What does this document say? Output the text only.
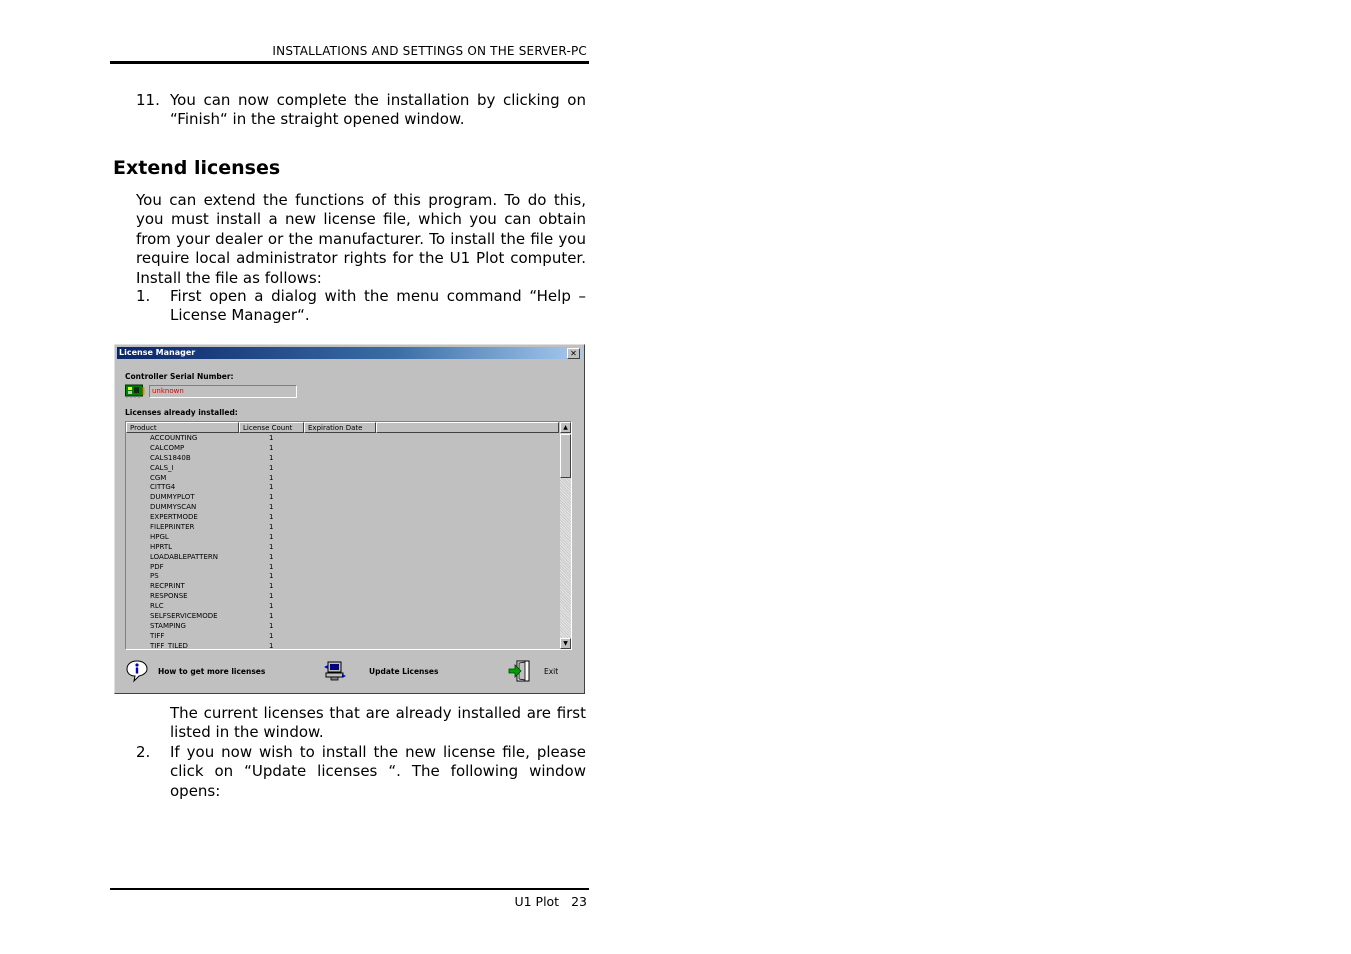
INSTALLATIONS AND SETTINGS ON THE SERVER-PC
11. You can now complete the installation by clicking on “Finish“ in the straight opened window.
Extend licenses
You can extend the functions of this program. To do this, you must install a new license file, which you can obtain from your dealer or the manufacturer. To install the file you require local administrator rights for the U1 Plot computer. Install the file as follows:
1. First open a dialog with the menu command “Help – License Manager“.
License Manager	✕
Controller Serial Number:
unknown
Licenses already installed:
Product	License Count	Expiration Date
ACCOUNTING	1
CALCOMP	1
CALS1840B	1
CALS_I	1
CGM	1
CITTG4	1
DUMMYPLOT	1
DUMMYSCAN	1
EXPERTMODE	1
FILEPRINTER	1
HPGL	1
HPRTL	1
LOADABLEPATTERN	1
PDF	1
PS	1
RECPRINT	1
RESPONSE	1
RLC	1
SELFSERVICEMODE	1
STAMPING	1
TIFF	1
TIFF_TILED	1
▲
▼
How to get more licenses	Update Licenses	Exit
The current licenses that are already installed are first listed in the window.
2. If you now wish to install the new license file, please click on “Update licenses “. The following window opens:
U1 Plot 23
